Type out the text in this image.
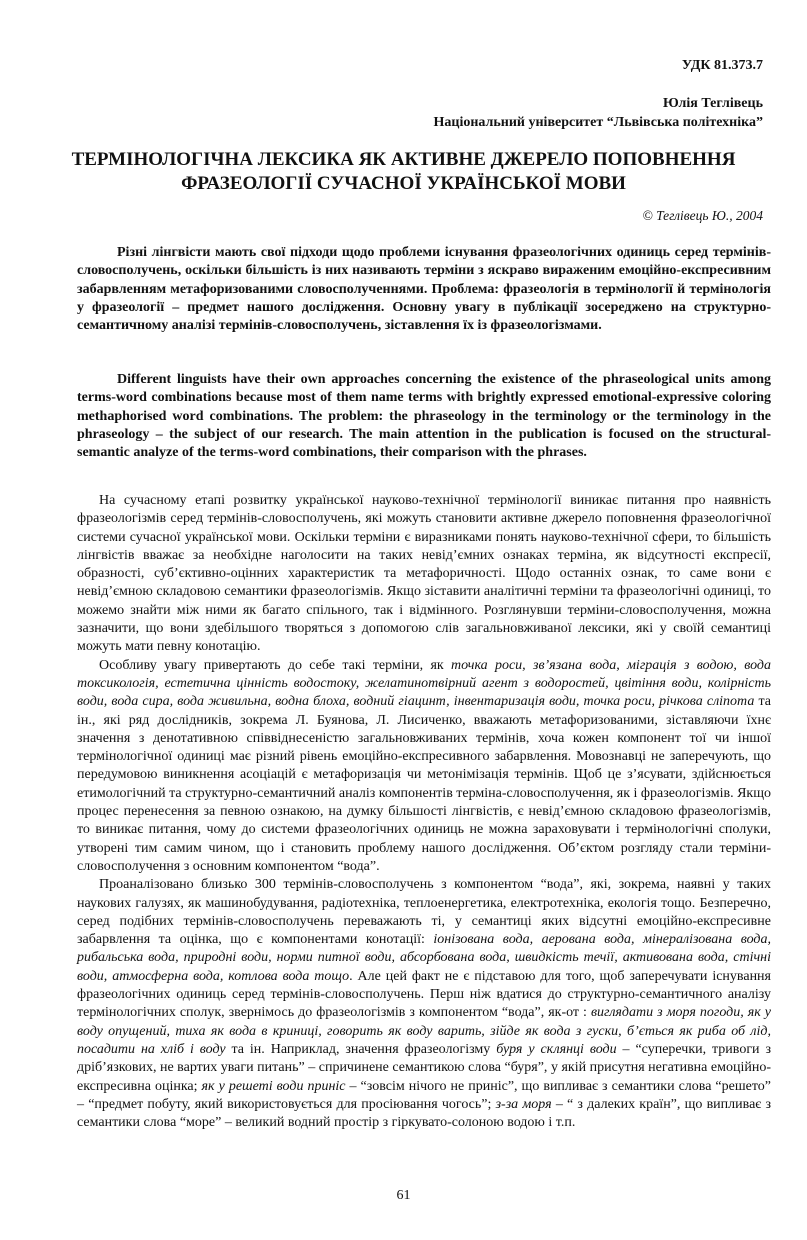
УДК 81.373.7
Юлія Теглівець
Національний університет “Львівська політехніка”
ТЕРМІНОЛОГІЧНА ЛЕКСИКА ЯК АКТИВНЕ ДЖЕРЕЛО ПОПОВНЕННЯ
ФРАЗЕОЛОГІЇ СУЧАСНОЇ УКРАЇНСЬКОЇ МОВИ
© Теглівець Ю., 2004

Різні лінгвісти мають свої підходи щодо проблеми існування фразеологічних одиниць серед термінів-словосполучень, оскільки більшість із них називають терміни з яскраво вираженим емоційно-експресивним забарвленням метафоризованими словосполученнями. Проблема: фразеологія в термінології й термінологія у фразеології – предмет нашого дослідження. Основну увагу в публікації зосереджено на структурно-семантичному аналізі термінів-словосполучень, зіставлення їх із фразеологізмами.

Different linguists have their own approaches concerning the existence of the phraseological units among terms-word combinations because most of them name terms with brightly expressed emotional-expressive coloring methaphorised word combinations. The problem: the phraseology in the terminology or the terminology in the phraseology – the subject of our research. The main attention in the publication is focused on the structural-semantic analyze of the terms-word combinations, their comparison with the phrases.

На сучасному етапі розвитку української науково-технічної термінології виникає питання про наявність фразеологізмів серед термінів-словосполучень, які можуть становити активне джерело поповнення фразеологічної системи сучасної української мови. Оскільки терміни є виразниками понять науково-технічної сфери, то більшість лінгвістів вважає за необхідне наголосити на таких невід’ємних ознаках терміна, як відсутності експресії, образності, суб’єктивно-оцінних характеристик та метафоричності. Щодо останніх ознак, то саме вони є невід’ємною складовою семантики фразеологізмів. Якщо зіставити аналітичні терміни та фразеологічні одиниці, то можемо знайти між ними як багато спільного, так і відмінного. Розглянувши терміни-словосполучення, можна зазначити, що вони здебільшого творяться з допомогою слів загальновживаної лексики, які у своїй семантиці можуть мати певну конотацію.

Особливу увагу привертають до себе такі терміни, як точка роси, зв’язана вода, міграція з водою, вода токсикологія, естетична цінність водостоку, желатинотвірний агент з водоростей, цвітіння води, колірність води, вода сира, вода живильна, водна блоха, водний гіацинт, інвентаризація води, точка роси, річкова сліпота та ін., які ряд дослідників, зокрема Л. Буянова, Л. Лисиченко, вважають метафоризованими, зіставляючи їхнє значення з денотативною співвіднесеністю загальновживаних термінів, хоча кожен компонент тої чи іншої термінологічної одиниці має різний рівень емоційно-експресивного забарвлення. Мовознавці не заперечують, що передумовою виникнення асоціацій є метафоризація чи метонімізація термінів. Щоб це з’ясувати, здійснюється етимологічний та структурно-семантичний аналіз компонентів терміна-словосполучення, як і фразеологізмів. Якщо процес перенесення за певною ознакою, на думку більшості лінгвістів, є невід’ємною складовою фразеологізмів, то виникає питання, чому до системи фразеологічних одиниць не можна зараховувати і термінологічні сполуки, утворені тим самим чином, що і становить проблему нашого дослідження. Об’єктом розгляду стали терміни-словосполучення з основним компонентом “вода”.

Проаналізовано близько 300 термінів-словосполучень з компонентом “вода”, які, зокрема, наявні у таких наукових галузях, як машинобудування, радіотехніка, теплоенергетика, електротехніка, екологія тощо. Безперечно, серед подібних термінів-словосполучень переважають ті, у семантиці яких відсутні емоційно-експресивне забарвлення та оцінка, що є компонентами конотації: іонізована вода, аерована вода, мінералізована вода, рибальська вода, природні води, норми питної води, абсорбована вода, швидкість течії, активована вода, стічні води, атмосферна вода, котлова вода тощо. Але цей факт не є підставою для того, щоб заперечувати існування фразеологічних одиниць серед термінів-словосполучень. Перш ніж вдатися до структурно-семантичного аналізу термінологічних сполук, звернімось до фразеологізмів з компонентом “вода”, як-от : виглядати з моря погоди, як у воду опущений, тиха як вода в криниці, говорить як воду варить, зійде як вода з гуски, б’ється як риба об лід, посадити на хліб і воду та ін. Наприклад, значення фразеологізму буря у склянці води – “суперечки, тривоги з дріб’язкових, не вартих уваги питань” – спричинене семантикою слова “буря”, у якій присутня негативна емоційно-експресивна оцінка; як у решеті води приніс – “зовсім нічого не приніс”, що випливає з семантики слова “решето” – “предмет побуту, який використовується для просіювання чогось”; з-за моря – “ з далеких країн”, що випливає з семантики слова “море” – великий водний простір з гіркувато-солоною водою і т.п.

61
